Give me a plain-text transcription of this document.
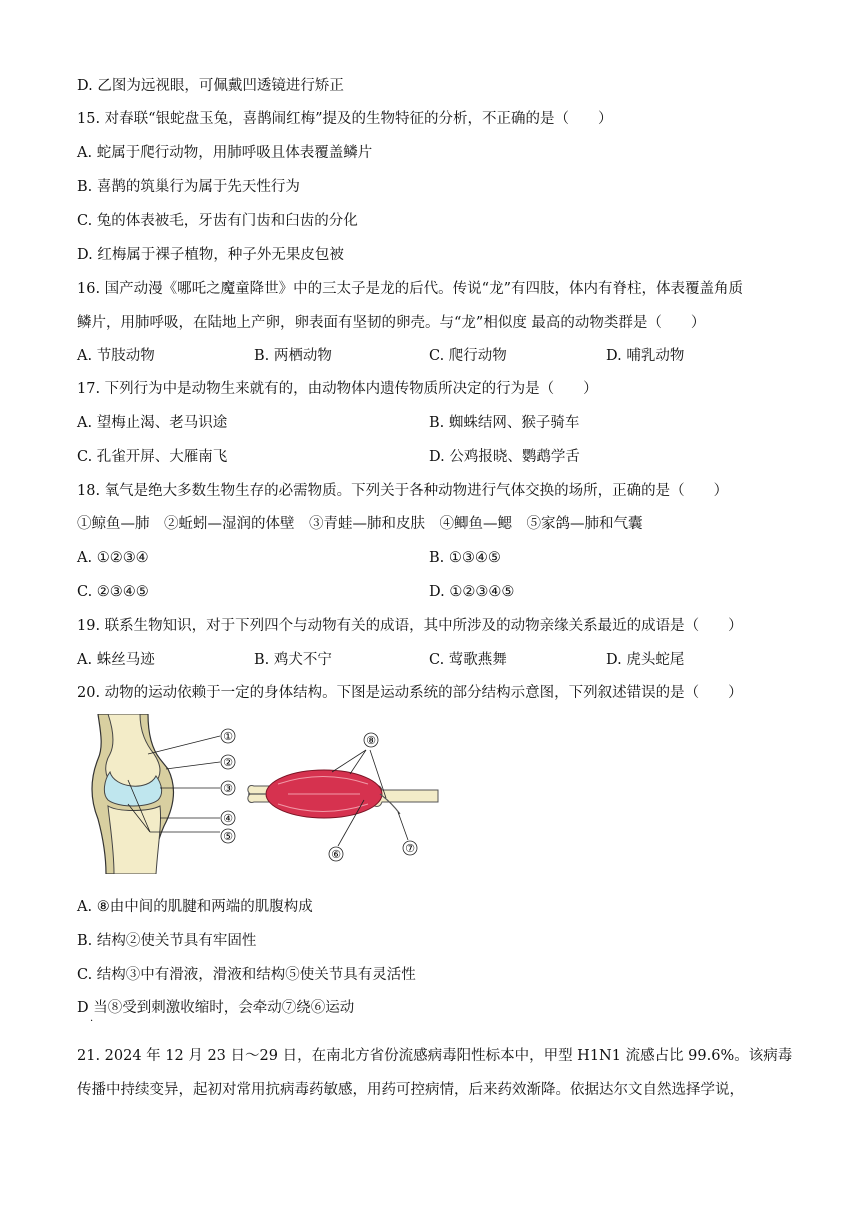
D. 乙图为远视眼，可佩戴凹透镜进行矫正
15. 对春联“银蛇盘玉兔，喜鹊闹红梅”提及的生物特征的分析，不正确的是（　　）
A. 蛇属于爬行动物，用肺呼吸且体表覆盖鳞片
B. 喜鹊的筑巢行为属于先天性行为
C. 兔的体表被毛，牙齿有门齿和臼齿的分化
D. 红梅属于裸子植物，种子外无果皮包被
16. 国产动漫《哪吒之魔童降世》中的三太子是龙的后代。传说“龙”有四肢，体内有脊柱，体表覆盖角质
鳞片，用肺呼吸，在陆地上产卵，卵表面有坚韧的卵壳。与“龙”相似度 最高的动物类群是（　　）
A. 节肢动物	B. 两栖动物	C. 爬行动物	D. 哺乳动物
17. 下列行为中是动物生来就有的，由动物体内遗传物质所决定的行为是（　　）
A. 望梅止渴、老马识途	B. 蜘蛛结网、猴子骑车
C. 孔雀开屏、大雁南飞	D. 公鸡报晓、鹦鹉学舌
18. 氧气是绝大多数生物生存的必需物质。下列关于各种动物进行气体交换的场所，正确的是（　　）
①鲸鱼—肺　②蚯蚓—湿润的体壁　③青蛙—肺和皮肤　④鲫鱼—鳃　⑤家鸽—肺和气囊
A. ①②③④	B. ①③④⑤
C. ②③④⑤	D. ①②③④⑤
19. 联系生物知识，对于下列四个与动物有关的成语，其中所涉及的动物亲缘关系最近的成语是（　　）
A. 蛛丝马迹	B. 鸡犬不宁	C. 莺歌燕舞	D. 虎头蛇尾
20. 动物的运动依赖于一定的身体结构。下图是运动系统的部分结构示意图，下列叙述错误的是（　　）
①
②
③
④
⑤
⑧
⑥	⑦
A. ⑧由中间的肌腱和两端的肌腹构成
B. 结构②使关节具有牢固性
C. 结构③中有滑液，滑液和结构⑤使关节具有灵活性
D 当⑧受到刺激收缩时，会牵动⑦绕⑥运动
·
21. 2024 年 12 月 23 日～29 日，在南北方省份流感病毒阳性标本中，甲型 H1N1 流感占比 99.6%。该病毒
传播中持续变异，起初对常用抗病毒药敏感，用药可控病情，后来药效渐降。依据达尔文自然选择学说，
